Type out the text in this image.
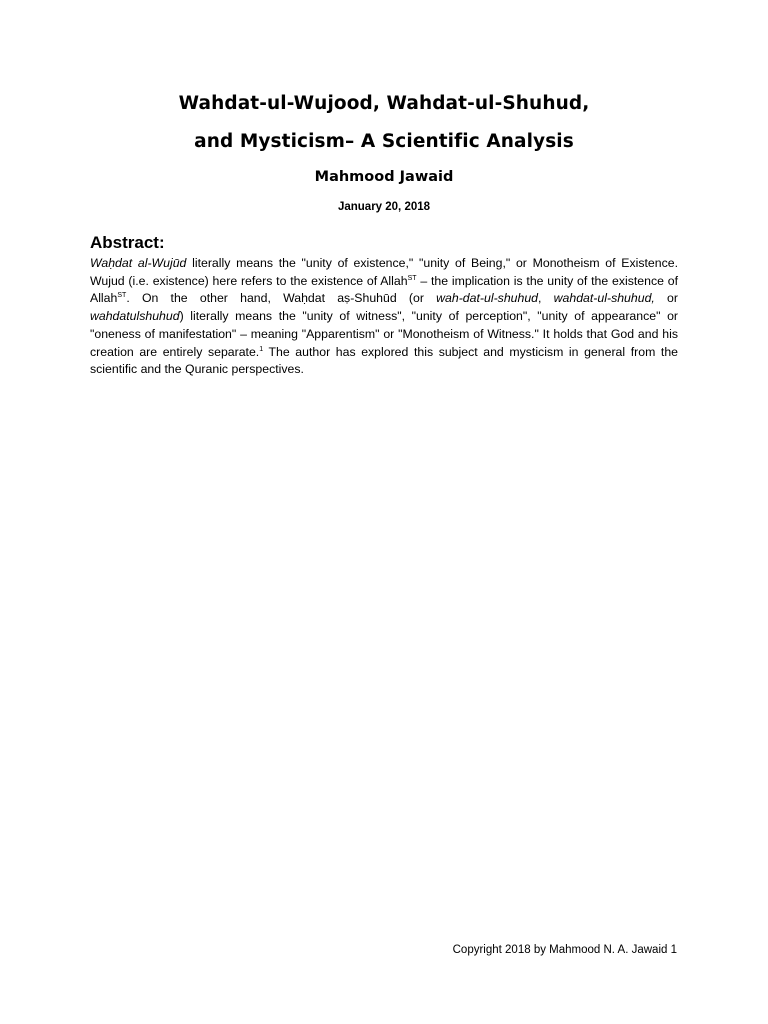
Wahdat-ul-Wujood, Wahdat-ul-Shuhud,
and Mysticism– A Scientific Analysis

Mahmood Jawaid

January 20, 2018

Abstract:

Waḥdat al-Wujūd literally means the "unity of existence," "unity of Being," or Monotheism of Existence. Wujud (i.e. existence) here refers to the existence of Allah$^{ST}$ – the implication is the unity of the existence of Allah$^{ST}$. On the other hand, Waḥdat aṣ-Shuhūd (or wah-dat-ul-shuhud, wahdat-ul-shuhud, or wahdatulshuhud) literally means the "unity of witness", "unity of perception", "unity of appearance" or "oneness of manifestation" – meaning "Apparentism" or "Monotheism of Witness." It holds that God and his creation are entirely separate.$^1$ The author has explored this subject and mysticism in general from the scientific and the Quranic perspectives.

Copyright 2018 by Mahmood N. A. Jawaid 1
